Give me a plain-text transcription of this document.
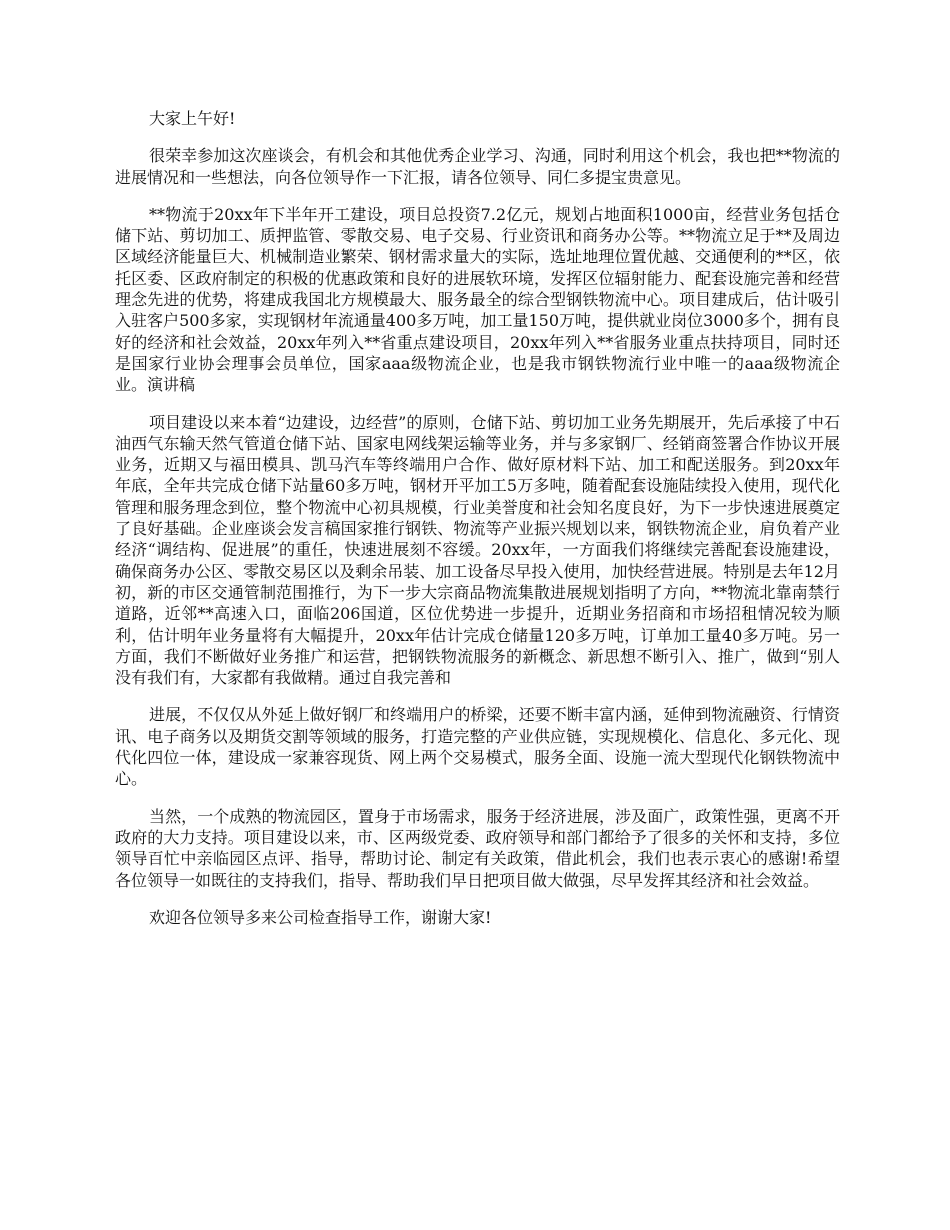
大家上午好!

很荣幸参加这次座谈会，有机会和其他优秀企业学习、沟通，同时利用这个机会，我也把**物流的进展情况和一些想法，向各位领导作一下汇报，请各位领导、同仁多提宝贵意见。

**物流于20xx年下半年开工建设，项目总投资7.2亿元，规划占地面积1000亩，经营业务包括仓储下站、剪切加工、质押监管、零散交易、电子交易、行业资讯和商务办公等。**物流立足于**及周边区域经济能量巨大、机械制造业繁荣、钢材需求量大的实际，选址地理位置优越、交通便利的**区，依托区委、区政府制定的积极的优惠政策和良好的进展软环境，发挥区位辐射能力、配套设施完善和经营理念先进的优势，将建成我国北方规模最大、服务最全的综合型钢铁物流中心。项目建成后，估计吸引入驻客户500多家，实现钢材年流通量400多万吨，加工量150万吨，提供就业岗位3000多个，拥有良好的经济和社会效益，20xx年列入**省重点建设项目，20xx年列入**省服务业重点扶持项目，同时还是国家行业协会理事会员单位，国家aaa级物流企业，也是我市钢铁物流行业中唯一的aaa级物流企业。演讲稿

项目建设以来本着“边建设，边经营”的原则，仓储下站、剪切加工业务先期展开，先后承接了中石油西气东输天然气管道仓储下站、国家电网线架运输等业务，并与多家钢厂、经销商签署合作协议开展业务，近期又与福田模具、凯马汽车等终端用户合作、做好原材料下站、加工和配送服务。到20xx年年底，全年共完成仓储下站量60多万吨，钢材开平加工5万多吨，随着配套设施陆续投入使用，现代化管理和服务理念到位，整个物流中心初具规模，行业美誉度和社会知名度良好，为下一步快速进展奠定了良好基础。企业座谈会发言稿国家推行钢铁、物流等产业振兴规划以来，钢铁物流企业，肩负着产业经济“调结构、促进展”的重任，快速进展刻不容缓。20xx年，一方面我们将继续完善配套设施建设，确保商务办公区、零散交易区以及剩余吊装、加工设备尽早投入使用，加快经营进展。特别是去年12月初，新的市区交通管制范围推行，为下一步大宗商品物流集散进展规划指明了方向，**物流北靠南禁行道路，近邻**高速入口，面临206国道，区位优势进一步提升，近期业务招商和市场招租情况较为顺利，估计明年业务量将有大幅提升，20xx年估计完成仓储量120多万吨，订单加工量40多万吨。另一方面，我们不断做好业务推广和运营，把钢铁物流服务的新概念、新思想不断引入、推广，做到“别人没有我们有，大家都有我做精。通过自我完善和

进展，不仅仅从外延上做好钢厂和终端用户的桥梁，还要不断丰富内涵，延伸到物流融资、行情资讯、电子商务以及期货交割等领域的服务，打造完整的产业供应链，实现规模化、信息化、多元化、现代化四位一体，建设成一家兼容现货、网上两个交易模式，服务全面、设施一流大型现代化钢铁物流中心。

当然，一个成熟的物流园区，置身于市场需求，服务于经济进展，涉及面广，政策性强，更离不开政府的大力支持。项目建设以来，市、区两级党委、政府领导和部门都给予了很多的关怀和支持，多位领导百忙中亲临园区点评、指导，帮助讨论、制定有关政策，借此机会，我们也表示衷心的感谢!希望各位领导一如既往的支持我们，指导、帮助我们早日把项目做大做强，尽早发挥其经济和社会效益。

欢迎各位领导多来公司检查指导工作，谢谢大家!
